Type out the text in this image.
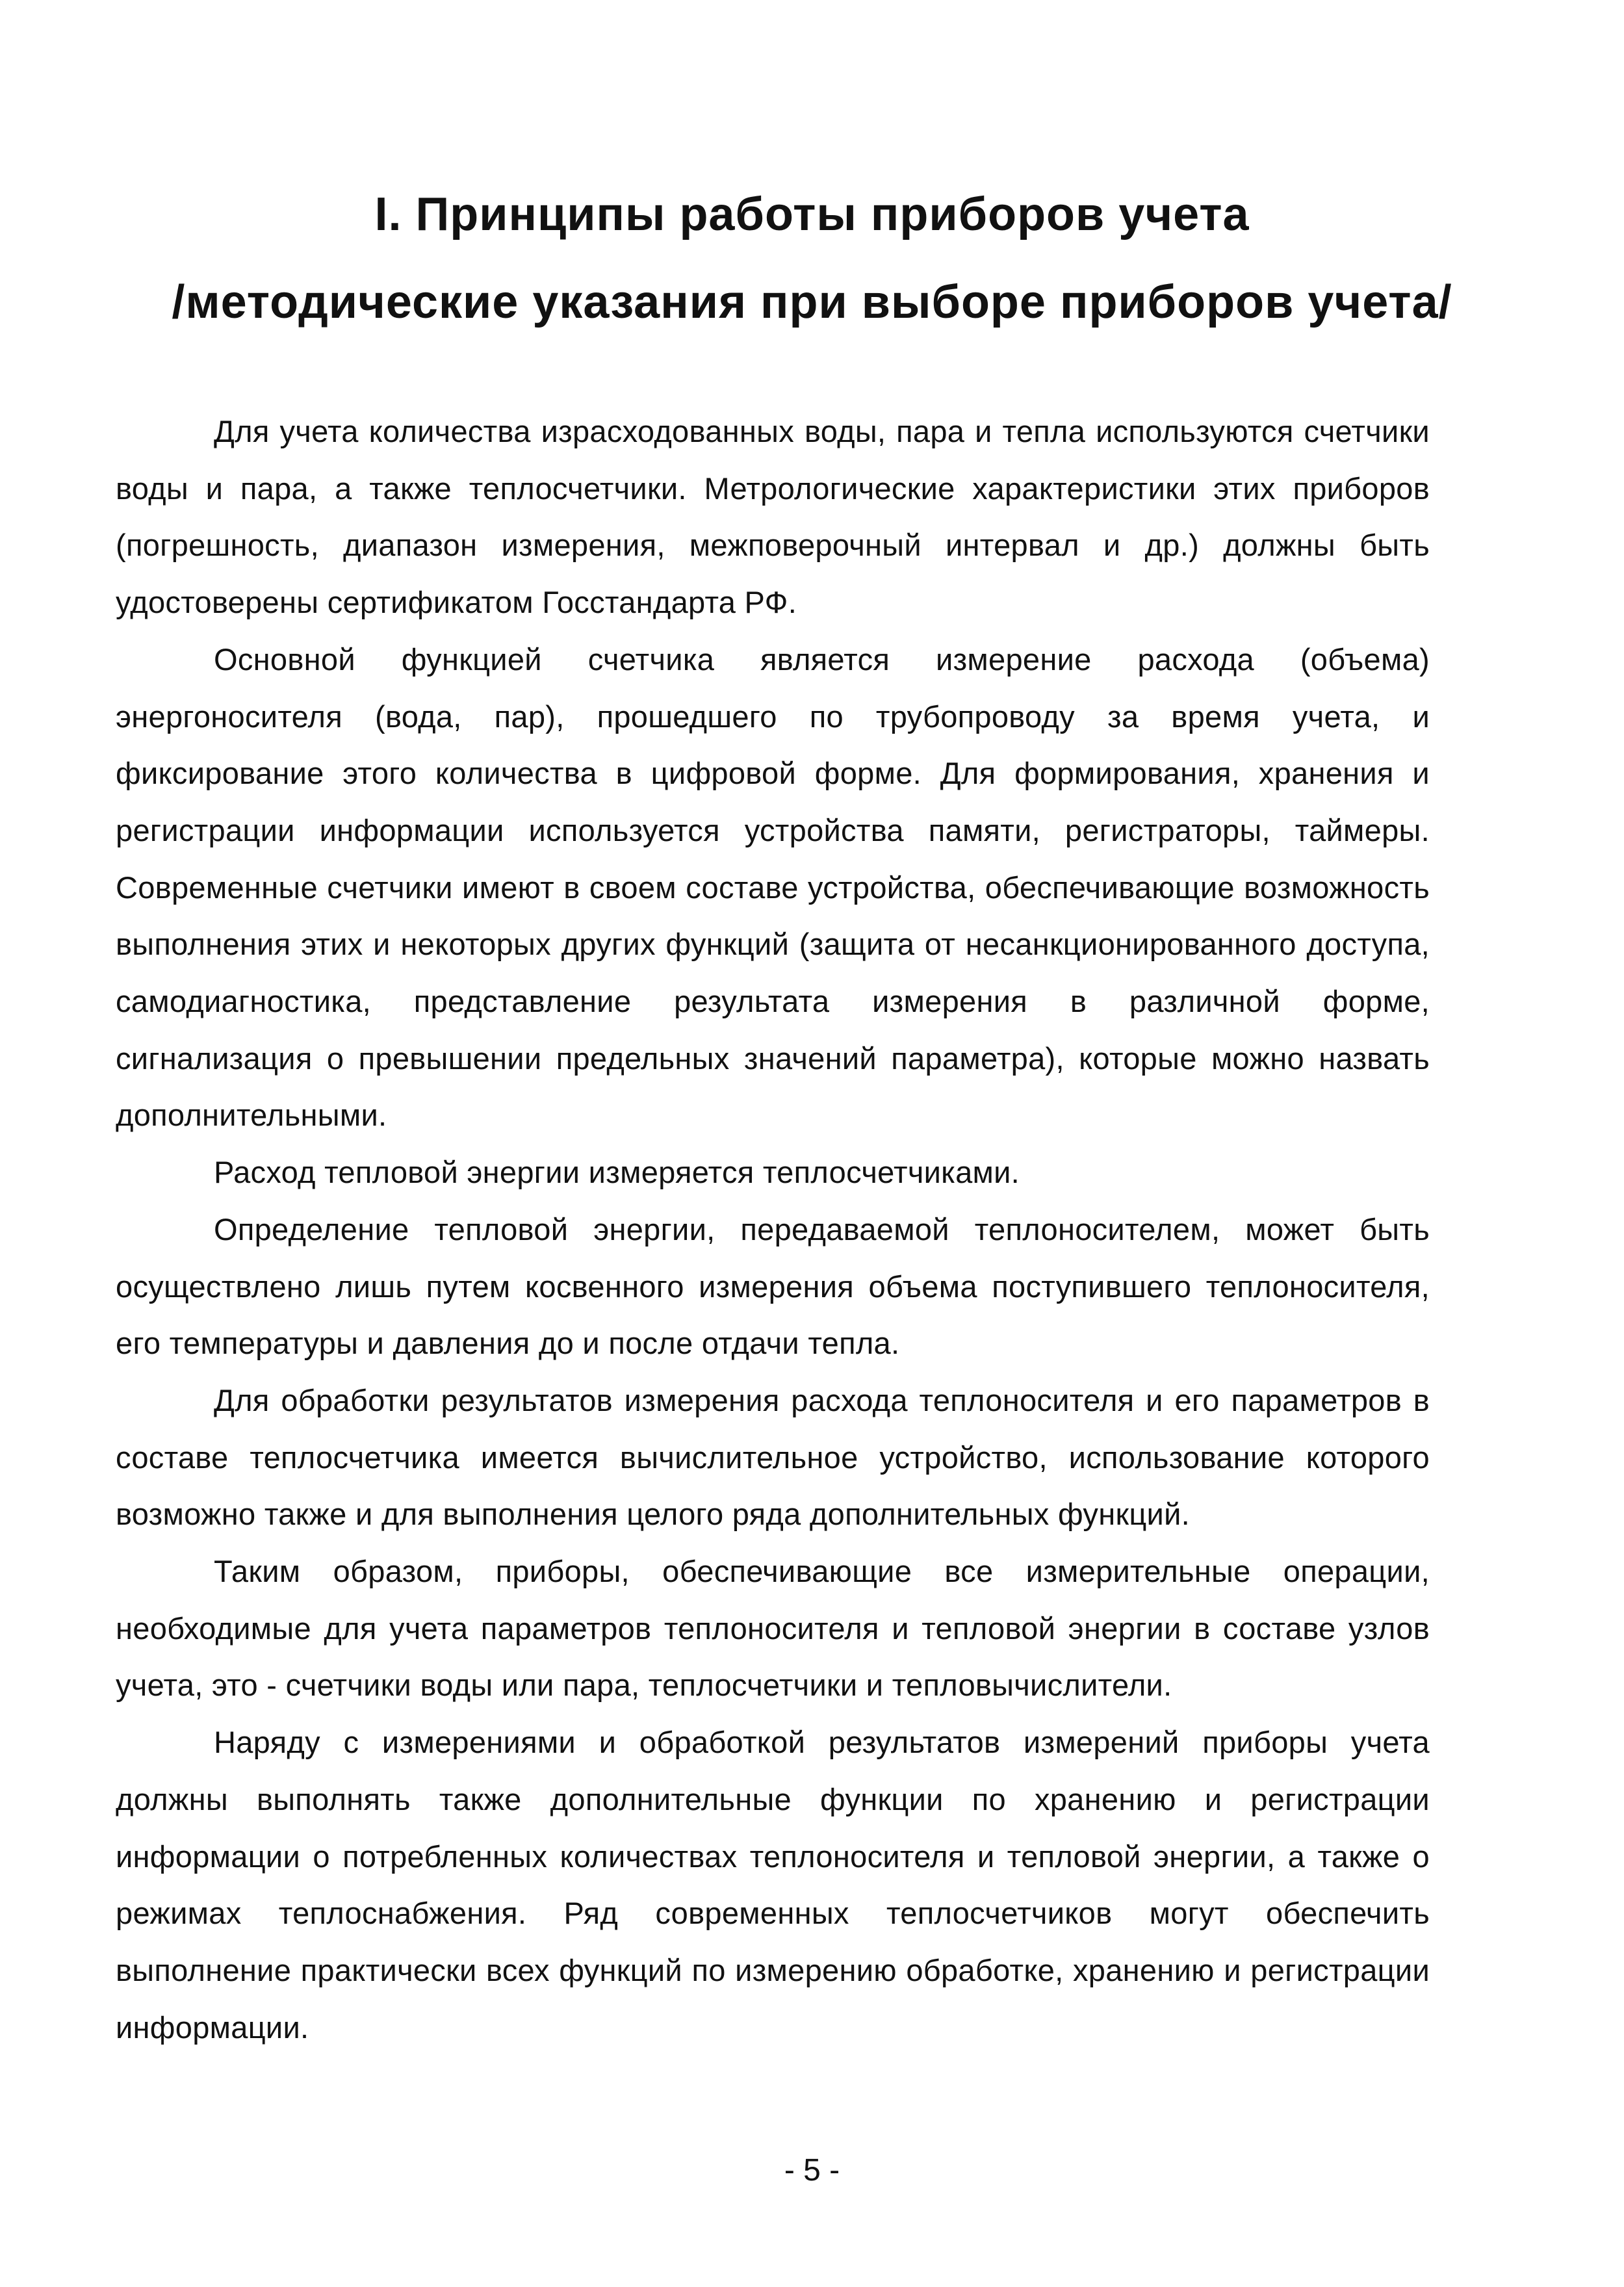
I. Принципы работы приборов учета
/методические указания при выборе приборов учета/

Для учета количества израсходованных воды, пара и тепла используются счетчики воды и пара, а также теплосчетчики. Метрологические характеристики этих приборов (погрешность, диапазон измерения, межповерочный интервал и др.) должны быть удостоверены сертификатом Госстандарта РФ.

Основной функцией счетчика является измерение расхода (объема) энергоносителя (вода, пар), прошедшего по трубопроводу за время учета, и фиксирование этого количества в цифровой форме. Для формирования, хранения и регистрации информации используется устройства памяти, регистраторы, таймеры. Современные счетчики имеют в своем составе устройства, обеспечивающие возможность выполнения этих и некоторых других функций (защита от несанкционированного доступа, самодиагностика, представление результата измерения в различной форме, сигнализация о превышении предельных значений параметра), которые можно назвать дополнительными.

Расход тепловой энергии измеряется теплосчетчиками.

Определение тепловой энергии, передаваемой теплоносителем, может быть осуществлено лишь путем косвенного измерения объема поступившего теплоносителя, его температуры и давления до и после отдачи тепла.

Для обработки результатов измерения расхода теплоносителя и его параметров в составе теплосчетчика имеется вычислительное устройство, использование которого возможно также и для выполнения целого ряда дополнительных функций.

Таким образом, приборы, обеспечивающие все измерительные операции, необходимые для учета параметров теплоносителя и тепловой энергии в составе узлов учета, это - счетчики воды или пара, теплосчетчики и тепловычислители.

Наряду с измерениями и обработкой результатов измерений приборы учета должны выполнять также дополнительные функции по хранению и регистрации информации о потребленных количествах теплоносителя и тепловой энергии, а также о режимах теплоснабжения. Ряд современных теплосчетчиков могут обеспечить выполнение практически всех функций по измерению обработке, хранению и регистрации информации.

- 5 -
